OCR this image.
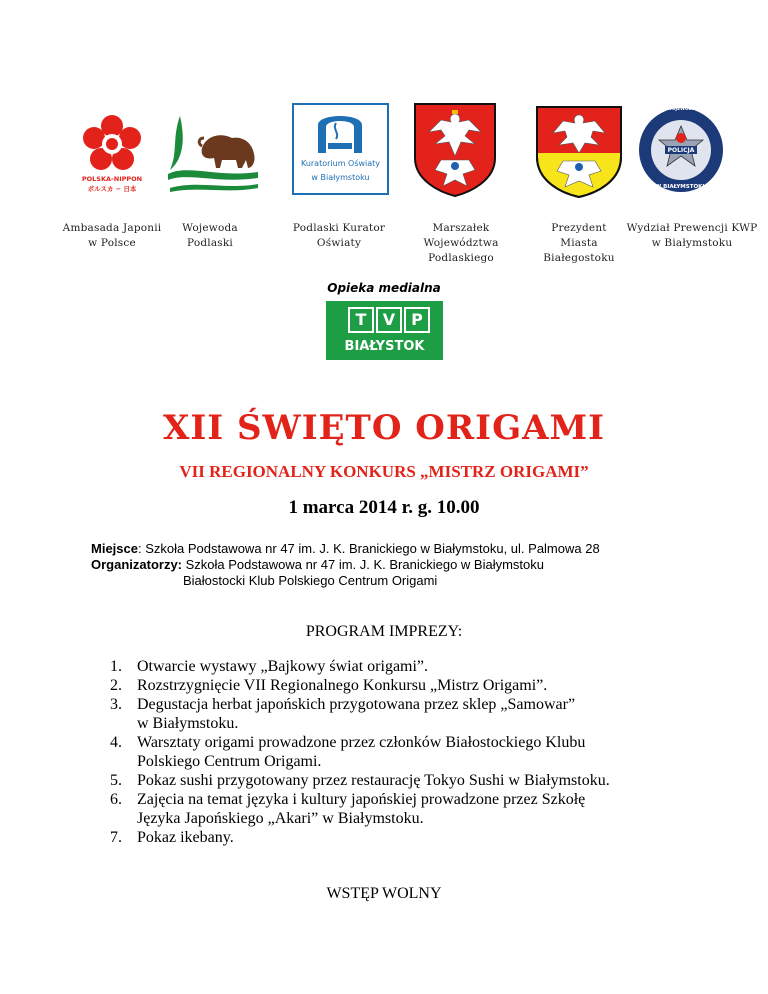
POLSKA-NIPPON
ポルスカ − 日本
Kuratorium Oświaty
w Białymstoku
KOMENDA WOJEWÓDZKA POLICJI
POLICJA
W BIAŁYMSTOKU
Ambasada Japonii
w Polsce
Wojewoda
Podlaski
Podlaski Kurator
Oświaty
Marszałek
Województwa Podlaskiego
Prezydent Miasta
Białegostoku
Wydział Prewencji KWP
w Białymstoku
Opieka medialna
T	V P
BIAŁYSTOK
XII ŚWIĘTO ORIGAMI
VII REGIONALNY KONKURS „MISTRZ ORIGAMI”
1 marca 2014 r. g. 10.00
Miejsce: Szkoła Podstawowa nr 47 im. J. K. Branickiego w Białymstoku, ul. Palmowa 28
Organizatorzy: Szkoła Podstawowa nr 47 im. J. K. Branickiego w Białymstoku
Białostocki Klub Polskiego Centrum Origami
PROGRAM IMPREZY:
1. Otwarcie wystawy „Bajkowy świat origami”.
2. Rozstrzygnięcie VII Regionalnego Konkursu „Mistrz Origami”.
3. Degustacja herbat japońskich przygotowana przez sklep „Samowar”
w Białymstoku.
4. Warsztaty origami prowadzone przez członków Białostockiego Klubu
Polskiego Centrum Origami.
5. Pokaz sushi przygotowany przez restaurację Tokyo Sushi w Białymstoku.
6. Zajęcia na temat języka i kultury japońskiej prowadzone przez Szkołę
Języka Japońskiego „Akari” w Białymstoku.
7. Pokaz ikebany.
WSTĘP WOLNY
